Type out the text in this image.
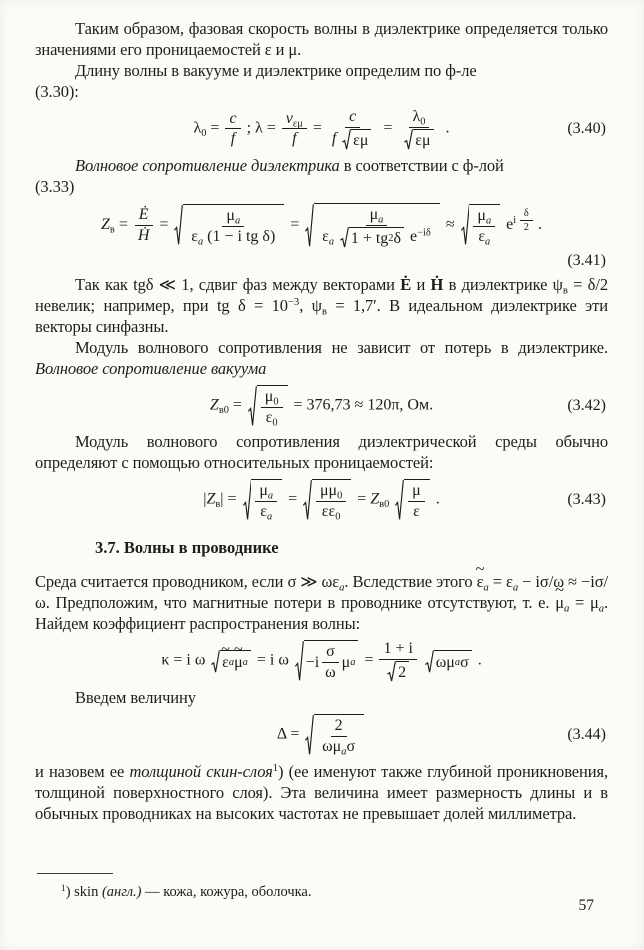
Таким образом, фазовая скорость волны в диэлектрике определяется только значениями его проницаемостей ε и μ.

Длину волны в вакууме и диэлектрике определим по ф-ле
(3.30):

$\lambda_0 = \frac{c}{f}$ ; $\lambda = \frac{v_{\varepsilon\mu}}{f} = \frac{c}{\text{f εμ}} = \frac{\lambda_0}{\varepsilon\mu}$ .	(3.40)

Волновое сопротивление диэлектрика в соответствии с ф-лой
(3.33)

$Z_в = \frac{Ė}{\text{Ḣ}} = \frac{\mu_a}{\varepsilon_a (1 - i tg \delta)} = \frac{\mu_a}{\varepsilon_a 1 + tg 2 \delta e^{-i\delta}} \approx \frac{\mu_a}{\varepsilon_a} e^{i \frac{\delta}{2}}$ .
(3.41)

Так как tgδ ≪ 1, сдвиг фаз между векторами Ė и Ḣ в диэлектрике $\psi_в = \delta/2$ невелик; например, при tg $\delta = 10^{-3}$, $\psi_в = 1,7'$. В идеальном диэлектрике эти векторы синфазны.

Модуль волнового сопротивления не зависит от потерь в диэлектрике. Волновое сопротивление вакуума

$Z_{в0} = \frac{\mu_0}{\varepsilon_0} = 376,73 \approx 120\pi$, Ом.	(3.42)

Модуль волнового сопротивления диэлектрической среды обычно определяют с помощью относительных проницаемостей:

$|Z_в| = \frac{\mu_a}{\varepsilon_a} = \frac{\mu\mu_0}{\varepsilon\varepsilon_0} = Z_{в0} \frac{\mu}{\varepsilon}$ .	(3.43)
3.7. Волны в проводнике

Среда считается проводником, если σ ≫ $\omega\varepsilon_a$. Вследствие этого ε $\sim_a = \varepsilon_a - i\sigma/\omega \approx -i\sigma/\omega$. Предположим, что магнитные потери в проводнике отсутствуют, т. е. μ $\sim_a = \mu_a$. Найдем коэффициент распространения волны:

κ = i ω ε ~ a μ ~ a = i $\omega -i \frac{\sigma}{\omega}$ μ $a = \frac{1 + i}{2}$
ωμ a σ .

Введем величину

$\Delta = \frac{2}{\omega\mu_a\sigma}$	(3.44)

и назовем ее толщиной скин-слоя$^1$) (ее именуют также глубиной проникновения, толщиной поверхностного слоя). Эта величина имеет размерность длины и в обычных проводниках на высоких частотах не превышает долей миллиметра.

$^1$) skin (англ.) — кожа, кожура, оболочка.

57
